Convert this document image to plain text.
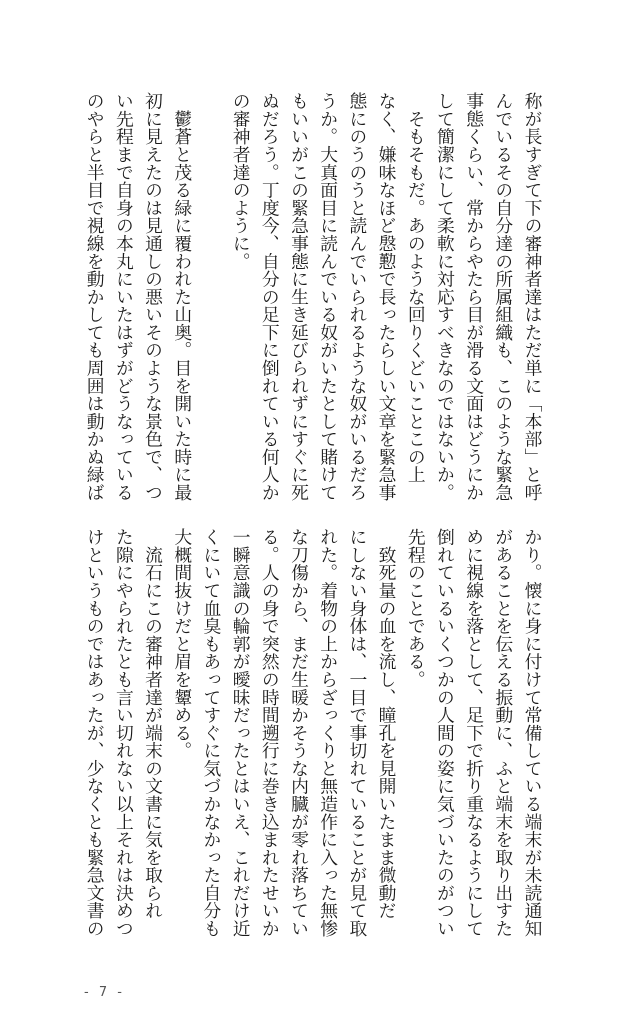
称が長すぎて下の審神者達はただ単に「本部」と呼
んでいるその自分達の所属組織も、このような緊急
事態くらい、常からやたら目が滑る文面はどうにか
して簡潔にして柔軟に対応すべきなのではないか。
　そもそもだ。あのような回りくどいことこの上
なく、嫌味なほど慇懃で長ったらしい文章を緊急事
態にのうのうと読んでいられるような奴がいるだろ
うか。大真面目に読んでいる奴がいたとして賭けて
もいいがこの緊急事態に生き延びられずにすぐに死
ぬだろう。丁度今、自分の足下に倒れている何人か
の審神者達のように。
　鬱蒼と茂る緑に覆われた山奥。目を開いた時に最
初に見えたのは見通しの悪いそのような景色で、つ
い先程まで自身の本丸にいたはずがどうなっている
のやらと半目で視線を動かしても周囲は動かぬ緑ば
かり。懐に身に付けて常備している端末が未読通知
があることを伝える振動に、ふと端末を取り出すた
めに視線を落として、足下で折り重なるようにして
倒れているいくつかの人間の姿に気づいたのがつい
先程のことである。
　致死量の血を流し、瞳孔を見開いたまま微動だ
にしない身体は、一目で事切れていることが見て取
れた。着物の上からざっくりと無造作に入った無惨
な刀傷から、まだ生暖かそうな内臓が零れ落ちてい
る。人の身で突然の時間遡行に巻き込まれたせいか
一瞬意識の輪郭が曖昧だったとはいえ、これだけ近
くにいて血臭もあってすぐに気づかなかった自分も
大概間抜けだと眉を顰める。
　流石にこの審神者達が端末の文書に気を取られ
た隙にやられたとも言い切れない以上それは決めつ
けというものではあったが、少なくとも緊急文書の
- 7 -
